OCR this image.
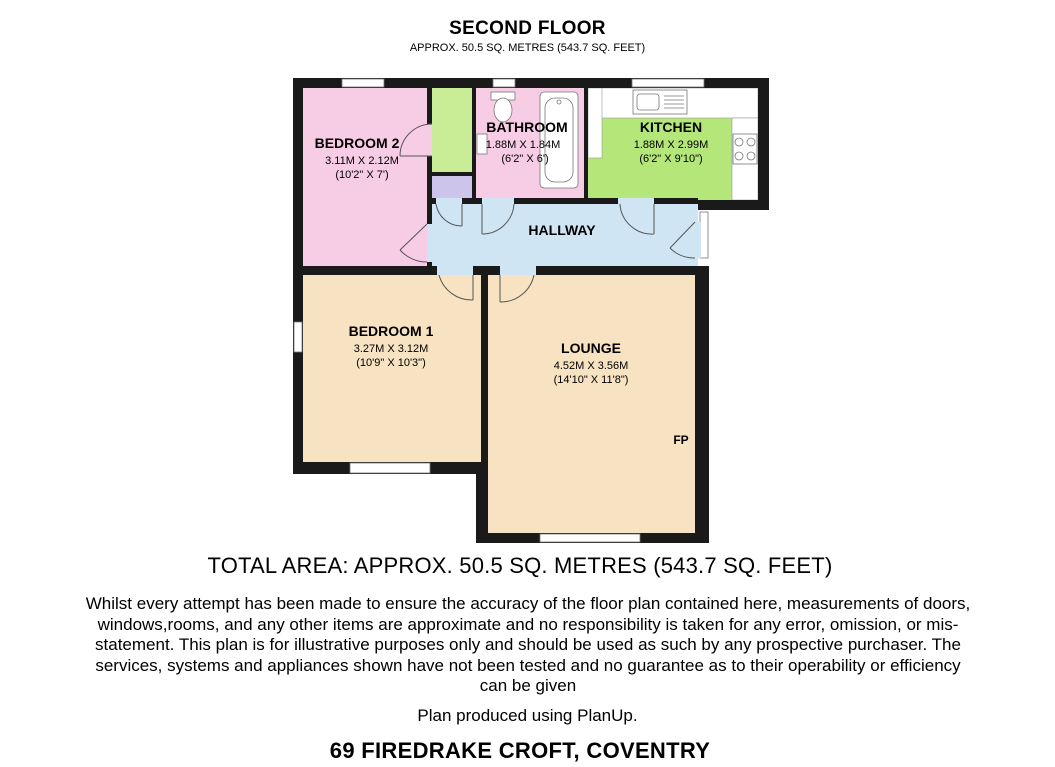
SECOND FLOOR
APPROX. 50.5 SQ. METRES (543.7 SQ. FEET)
BEDROOM 2
3.11M X 2.12M
(10'2" X 7')
BATHROOM
1.88M X 1.84M
(6'2" X 6')
KITCHEN
1.88M X 2.99M
(6'2" X 9'10")
HALLWAY
BEDROOM 1
3.27M X 3.12M
(10'9" X 10'3")
LOUNGE
4.52M X 3.56M
(14'10" X 11'8")
FP
TOTAL AREA: APPROX. 50.5 SQ. METRES (543.7 SQ. FEET)
Whilst every attempt has been made to ensure the accuracy of the floor plan contained here, measurements of doors,
windows,rooms, and any other items are approximate and no responsibility is taken for any error, omission, or mis-
statement. This plan is for illustrative purposes only and should be used as such by any prospective purchaser. The
services, systems and appliances shown have not been tested and no guarantee as to their operability or efficiency
can be given
Plan produced using PlanUp.
69 FIREDRAKE CROFT, COVENTRY
